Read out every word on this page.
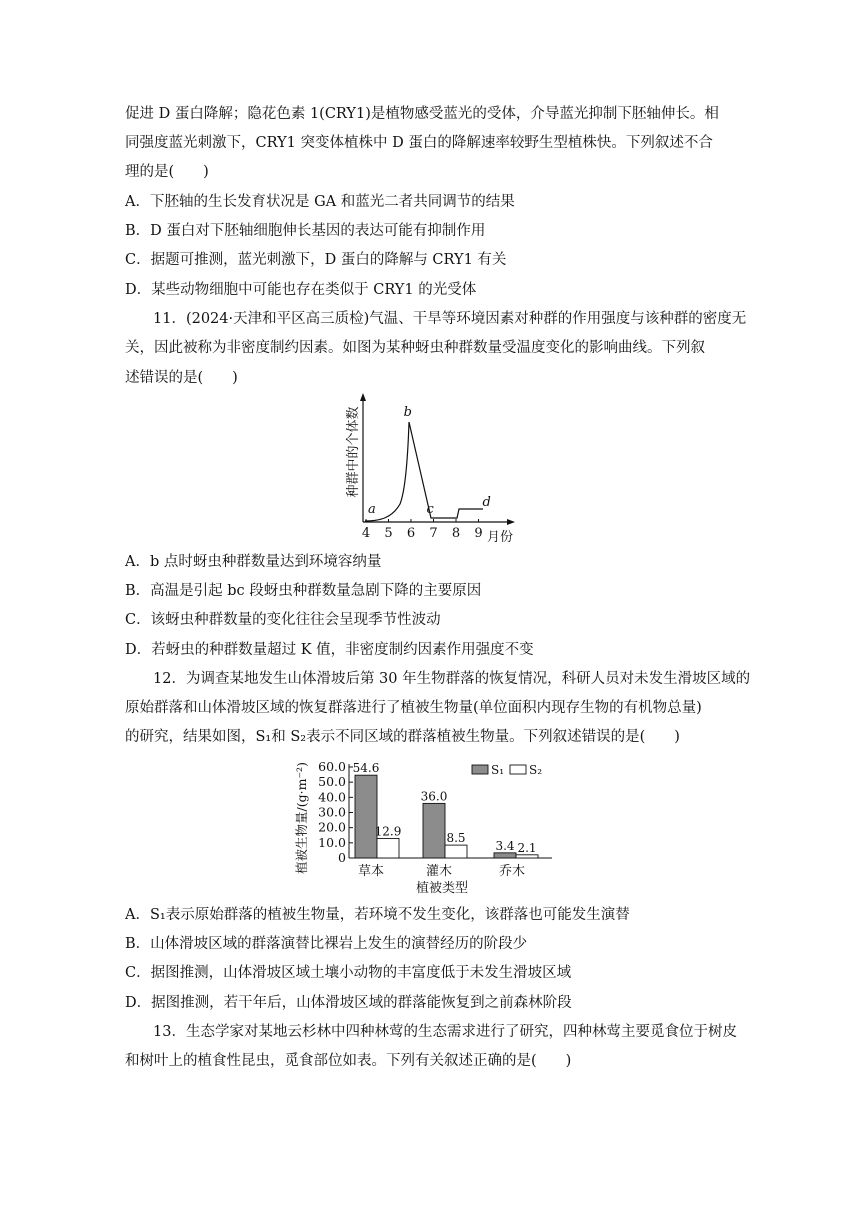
促进 D 蛋白降解；隐花色素 1(CRY1)是植物感受蓝光的受体，介导蓝光抑制下胚轴伸长。相
同强度蓝光刺激下，CRY1 突变体植株中 D 蛋白的降解速率较野生型植株快。下列叙述不合
理的是(　　)
A．下胚轴的生长发育状况是 GA 和蓝光二者共同调节的结果
B．D 蛋白对下胚轴细胞伸长基因的表达可能有抑制作用
C．据题可推测，蓝光刺激下，D 蛋白的降解与 CRY1 有关
D．某些动物细胞中可能也存在类似于 CRY1 的光受体
11．(2024·天津和平区高三质检)气温、干旱等环境因素对种群的作用强度与该种群的密度无
关，因此被称为非密度制约因素。如图为某种蚜虫种群数量受温度变化的影响曲线。下列叙
述错误的是(　　)
种群中的个体数
4 5 6 7 8 9 月份
a
b
c	d
A．b 点时蚜虫种群数量达到环境容纳量
B．高温是引起 bc 段蚜虫种群数量急剧下降的主要原因
C．该蚜虫种群数量的变化往往会呈现季节性波动
D．若蚜虫的种群数量超过 K 值，非密度制约因素作用强度不变
12．为调查某地发生山体滑坡后第 30 年生物群落的恢复情况，科研人员对未发生滑坡区域的
原始群落和山体滑坡区域的恢复群落进行了植被生物量(单位面积内现存生物的有机物总量)
的研究，结果如图，S₁和 S₂表示不同区域的群落植被生物量。下列叙述错误的是(　　)
植被生物量/(g·m⁻²) 0
10.0
20.0
30.0
40.0
50.0
60.0 54.6
12.9
草本
36.0
8.5
灌木
3.4 2.1
乔木
S₁ S₂
植被类型
A．S₁表示原始群落的植被生物量，若环境不发生变化，该群落也可能发生演替
B．山体滑坡区域的群落演替比裸岩上发生的演替经历的阶段少
C．据图推测，山体滑坡区域土壤小动物的丰富度低于未发生滑坡区域
D．据图推测，若干年后，山体滑坡区域的群落能恢复到之前森林阶段
13．生态学家对某地云杉林中四种林莺的生态需求进行了研究，四种林莺主要觅食位于树皮
和树叶上的植食性昆虫，觅食部位如表。下列有关叙述正确的是(　　)
